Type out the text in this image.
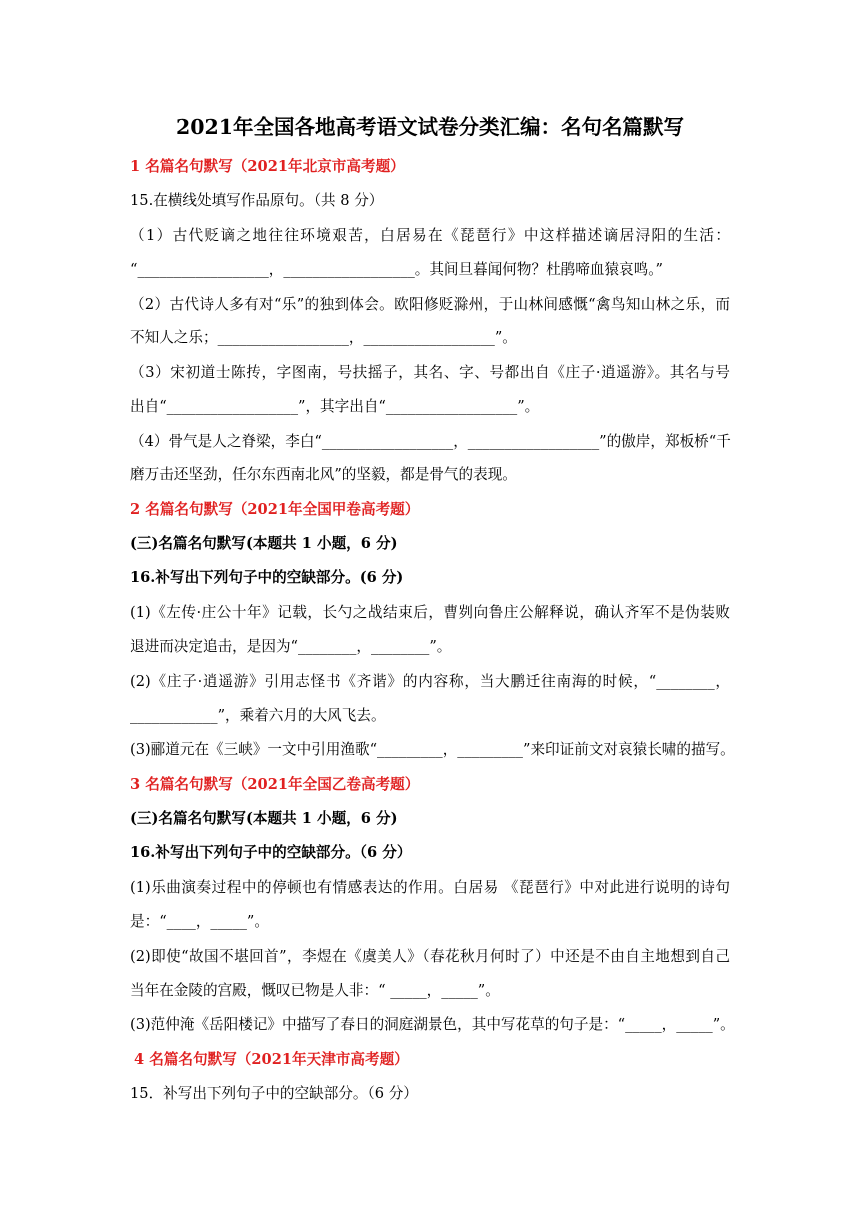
2021年全国各地高考语文试卷分类汇编：名句名篇默写
1 名篇名句默写（2021年北京市高考题）
15.在横线处填写作品原句。（共 8 分）
（1）古代贬谪之地往往环境艰苦，白居易在《琵琶行》中这样描述谪居浔阳的生活：
“__________________，__________________。其间旦暮闻何物？杜鹃啼血猿哀鸣。”
（2）古代诗人多有对“乐”的独到体会。欧阳修贬滁州，于山林间感慨“禽鸟知山林之乐，而
不知人之乐；__________________，__________________”。
（3）宋初道士陈抟，字图南，号扶摇子，其名、字、号都出自《庄子·逍遥游》。其名与号
出自“__________________”，其字出自“__________________”。
（4）骨气是人之脊梁，李白“__________________，__________________”的傲岸，郑板桥“千
磨万击还坚劲，任尔东西南北风”的坚毅，都是骨气的表现。
2 名篇名句默写（2021年全国甲卷高考题）
(三)名篇名句默写(本题共 1 小题，6 分)
16.补写出下列句子中的空缺部分。(6 分)
(1)《左传·庄公十年》记载，长勺之战结束后，曹刿向鲁庄公解释说，确认齐军不是伪装败
退进而决定追击，是因为“________，________”。
(2)《庄子·逍遥游》引用志怪书《齐谐》的内容称，当大鹏迁往南海的时候，“________，
____________”，乘着六月的大风飞去。
(3)郦道元在《三峡》一文中引用渔歌“_________，_________”来印证前文对哀猿长啸的描写。
3 名篇名句默写（2021年全国乙卷高考题）
(三)名篇名句默写(本题共 1 小题，6 分)
16.补写出下列句子中的空缺部分。（6 分）
(1)乐曲演奏过程中的停顿也有情感表达的作用。白居易 《琵琶行》中对此进行说明的诗句
是：“____，_____”。
(2)即使“故国不堪回首”，李煜在《虞美人》（春花秋月何时了）中还是不由自主地想到自己
当年在金陵的宫殿，慨叹已物是人非：“ _____，_____”。
(3)范仲淹《岳阳楼记》中描写了春日的洞庭湖景色，其中写花草的句子是：“_____，_____”。
4 名篇名句默写（2021年天津市高考题）
15．补写出下列句子中的空缺部分。（6 分）
